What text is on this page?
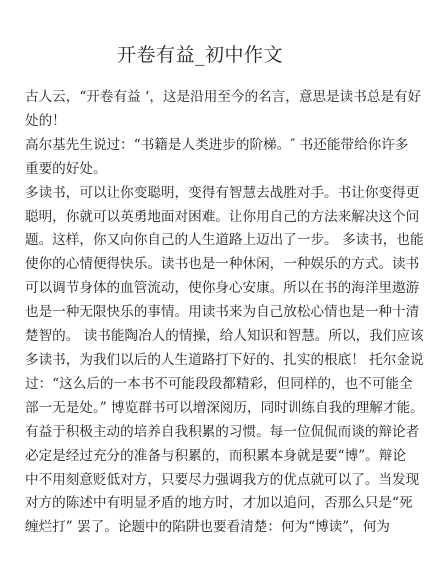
开卷有益_初中作文
古人云，“开卷有益 ‘，这是沿用至今的名言，意思是读书总是有好
处的！
高尔基先生说过：“书籍是人类进步的阶梯。″ 书还能带给你许多
重要的好处。
多读书，可以让你变聪明，变得有智慧去战胜对手。书让你变得更
聪明，你就可以英勇地面对困难。让你用自己的方法来解决这个问
题。这样，你又向你自己的人生道路上迈出了一步。 多读书，也能
使你的心情便得快乐。读书也是一种休闲，一种娱乐的方式。读书
可以调节身体的血管流动，使你身心安康。所以在书的海洋里遨游
也是一种无限快乐的事情。用读书来为自己放松心情也是一种十清
楚智的。 读书能陶冶人的情操，给人知识和智慧。所以，我们应该
多读书，为我们以后的人生道路打下好的、扎实的根底！ 托尔金说
过：“这么后的一本书不可能段段都精彩，但同样的，也不可能全
部一无是处。” 博览群书可以增深阅历，同时训练自我的理解才能。
有益于积极主动的培养自我积累的习惯。每一位侃侃而谈的辩论者
必定是经过充分的准备与积累的，而积累本身就是要“博”。辩论
中不用刻意贬低对方，只要尽力强调我方的优点就可以了。当发现
对方的陈述中有明显矛盾的地方时，才加以追问，否那么只是“死
缠烂打” 罢了。论题中的陷阱也要看清楚：何为“博读”，何为
